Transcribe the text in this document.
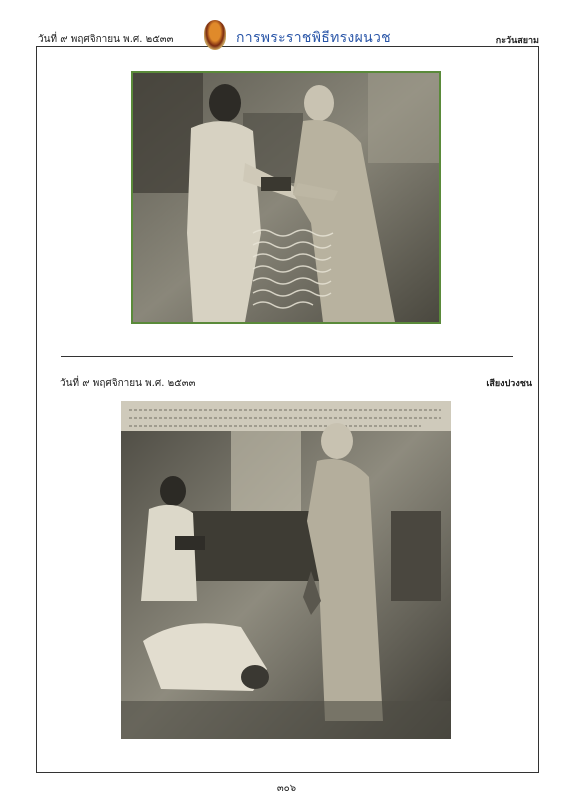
วันที่ ๙ พฤศจิกายน พ.ศ. ๒๕๓๓	การพระราชพิธีทรงผนวช	กะวันสยาม
วันที่ ๙ พฤศจิกายน พ.ศ. ๒๕๓๓	เสียงปวงชน
๓๐๖
